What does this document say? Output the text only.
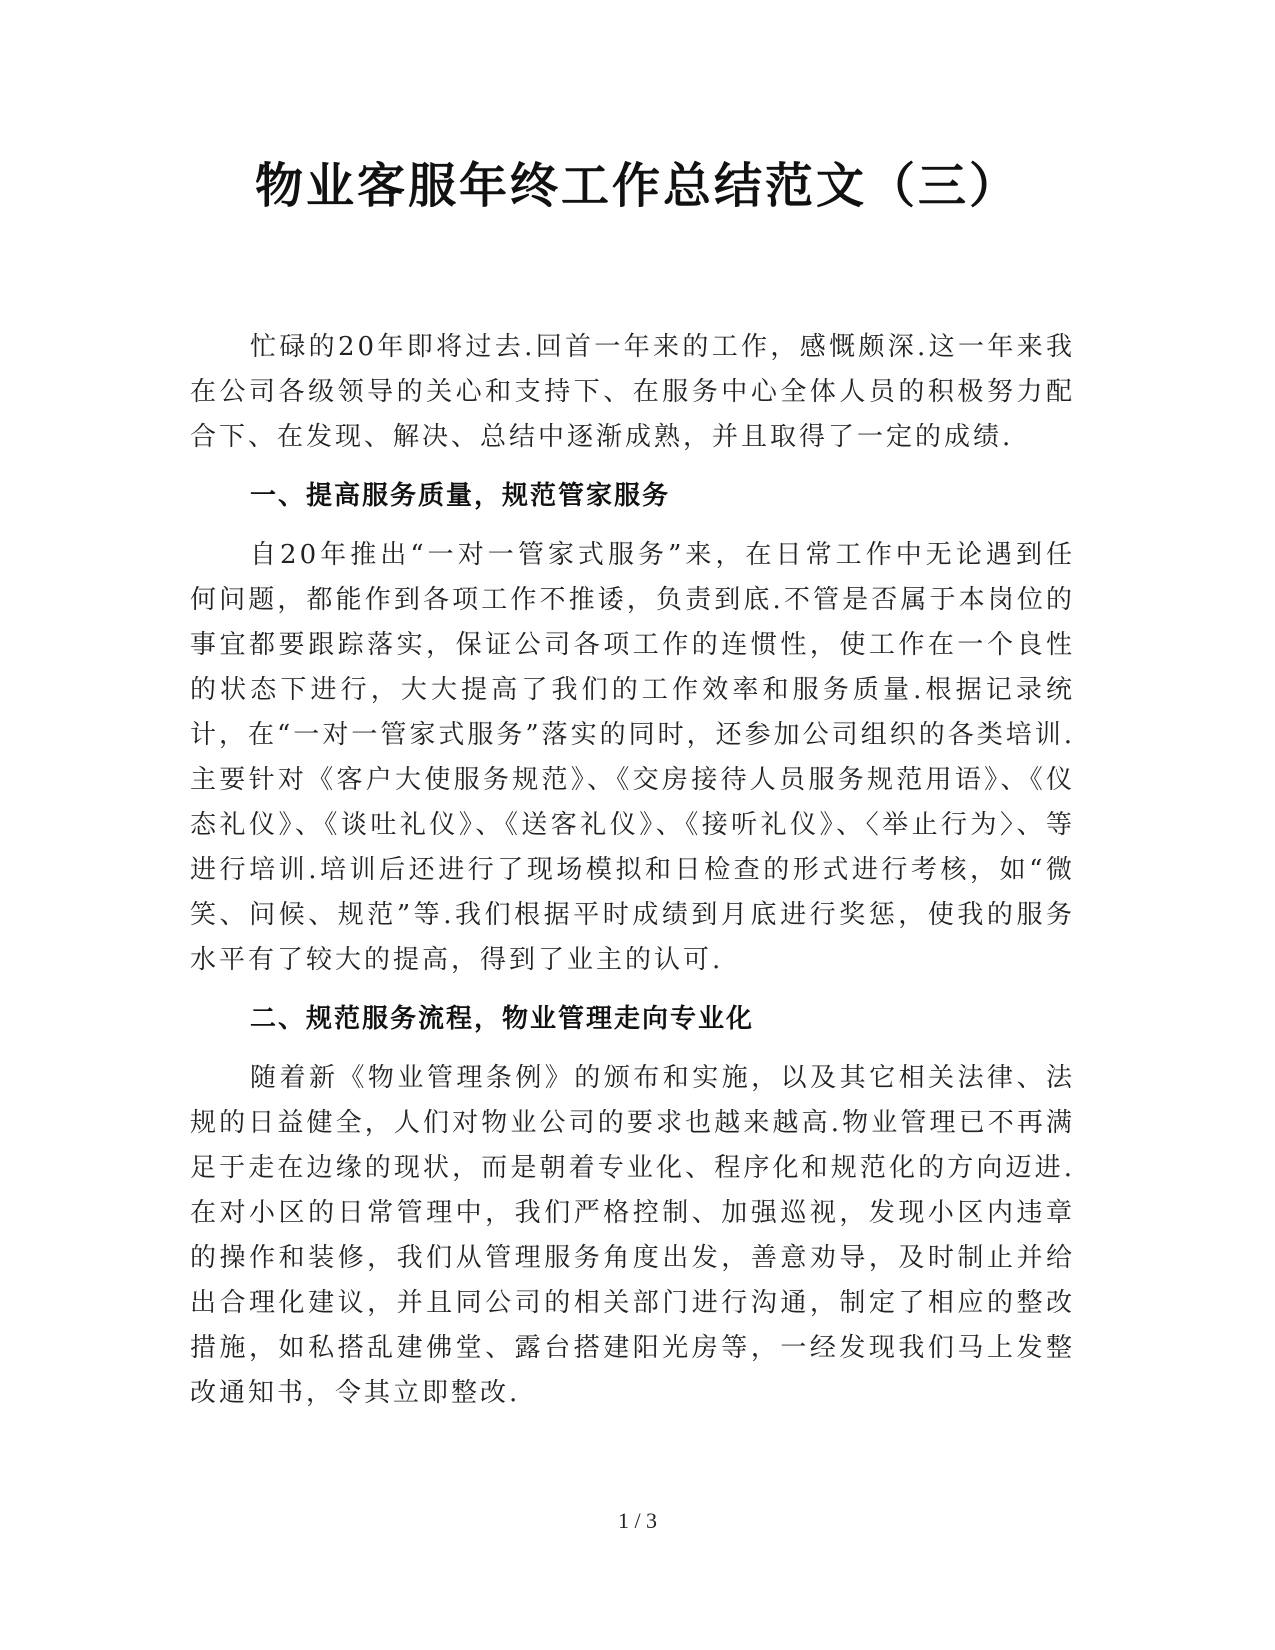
物业客服年终工作总结范文（三）

忙碌的20年即将过去.回首一年来的工作，感慨颇深.这一年来我在公司各级领导的关心和支持下、在服务中心全体人员的积极努力配合下、在发现、解决、总结中逐渐成熟，并且取得了一定的成绩.

一、提高服务质量，规范管家服务

自20年推出“一对一管家式服务”来，在日常工作中无论遇到任何问题，都能作到各项工作不推诿，负责到底.不管是否属于本岗位的事宜都要跟踪落实，保证公司各项工作的连惯性，使工作在一个良性的状态下进行，大大提高了我们的工作效率和服务质量.根据记录统计，在“一对一管家式服务”落实的同时，还参加公司组织的各类培训.主要针对《客户大使服务规范》、《交房接待人员服务规范用语》、《仪态礼仪》、《谈吐礼仪》、《送客礼仪》、《接听礼仪》、〈举止行为〉、等进行培训.培训后还进行了现场模拟和日检查的形式进行考核，如“微笑、问候、规范”等.我们根据平时成绩到月底进行奖惩，使我的服务水平有了较大的提高，得到了业主的认可.

二、规范服务流程，物业管理走向专业化

随着新《物业管理条例》的颁布和实施，以及其它相关法律、法规的日益健全，人们对物业公司的要求也越来越高.物业管理已不再满足于走在边缘的现状，而是朝着专业化、程序化和规范化的方向迈进.在对小区的日常管理中，我们严格控制、加强巡视，发现小区内违章的操作和装修，我们从管理服务角度出发，善意劝导，及时制止并给出合理化建议，并且同公司的相关部门进行沟通，制定了相应的整改措施，如私搭乱建佛堂、露台搭建阳光房等，一经发现我们马上发整改通知书，令其立即整改.

1 / 3
